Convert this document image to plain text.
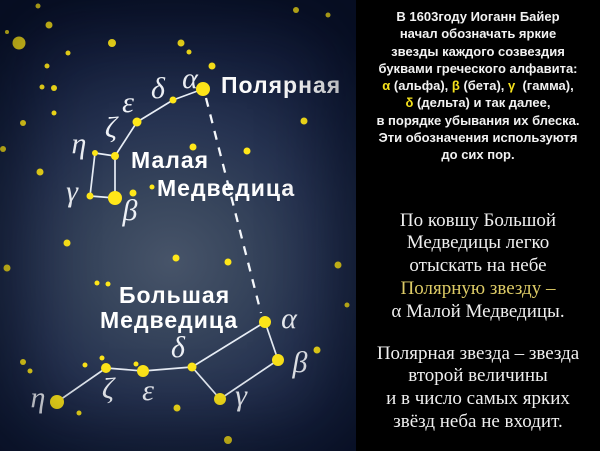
α
δ
ε
ζ
η
γ
β
α
β
γ
δ
ε
ζ
η
Полярная
Малая
Медведица
Большая
Медведица
В 1603году Иоганн Байер
начал обозначать яркие
звезды каждого созвездия
буквами греческого алфавита:
α (альфа), β (бета), γ  (гамма),
δ (дельта) и так далее,
в порядке убывания их блеска.
Эти обозначения используютя
до сих пор.
По ковшу Большой
Медведицы легко
отыскать на небе
Полярную звезду –
α Малой Медведицы.
Полярная звезда – звезда
второй величины
и в число самых ярких
звёзд неба не входит.
